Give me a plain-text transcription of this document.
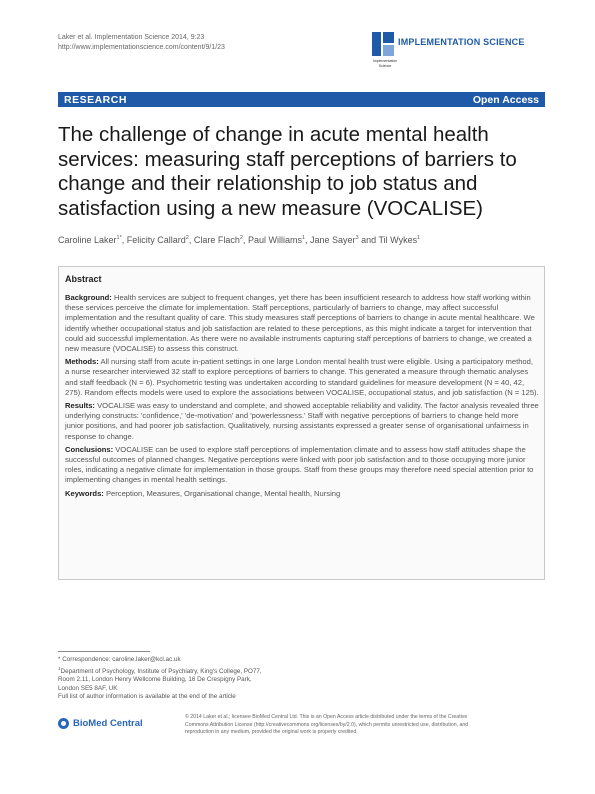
Laker et al. Implementation Science 2014, 9:23
http://www.implementationscience.com/content/9/1/23
IMPLEMENTATION SCIENCE
Implementation
Science
RESEARCH	Open Access
The challenge of change in acute mental health services: measuring staff perceptions of barriers to change and their relationship to job status and satisfaction using a new measure (VOCALISE)
Caroline Laker$^{1*}$, Felicity Callard$^2$, Clare Flach$^2$, Paul Williams$^1$, Jane Sayer$^3$ and Til Wykes$^1$
Abstract

Background: Health services are subject to frequent changes, yet there has been insufficient research to address how staff working within these services perceive the climate for implementation. Staff perceptions, particularly of barriers to change, may affect successful implementation and the resultant quality of care. This study measures staff perceptions of barriers to change in acute mental healthcare. We identify whether occupational status and job satisfaction are related to these perceptions, as this might indicate a target for intervention that could aid successful implementation. As there were no available instruments capturing staff perceptions of barriers to change, we created a new measure (VOCALISE) to assess this construct.

Methods: All nursing staff from acute in-patient settings in one large London mental health trust were eligible. Using a participatory method, a nurse researcher interviewed 32 staff to explore perceptions of barriers to change. This generated a measure through thematic analyses and staff feedback (N = 6). Psychometric testing was undertaken according to standard guidelines for measure development (N = 40, 42, 275). Random effects models were used to explore the associations between VOCALISE, occupational status, and job satisfaction (N = 125).

Results: VOCALISE was easy to understand and complete, and showed acceptable reliability and validity. The factor analysis revealed three underlying constructs: 'confidence,' 'de-motivation' and 'powerlessness.' Staff with negative perceptions of barriers to change held more junior positions, and had poorer job satisfaction. Qualitatively, nursing assistants expressed a greater sense of organisational unfairness in response to change.

Conclusions: VOCALISE can be used to explore staff perceptions of implementation climate and to assess how staff attitudes shape the successful outcomes of planned changes. Negative perceptions were linked with poor job satisfaction and to those occupying more junior roles, indicating a negative climate for implementation in those groups. Staff from these groups may therefore need special attention prior to implementing changes in mental health settings.

Keywords: Perception, Measures, Organisational change, Mental health, Nursing

* Correspondence: caroline.laker@kcl.ac.uk
$^1$Department of Psychology, Institute of Psychiatry, King's College, PO77,
Room 2.11, London Henry Wellcome Building, 16 De Crespigny Park,
London SE5 8AF, UK
Full list of author information is available at the end of the article
BioMed Central
© 2014 Laker et al.; licensee BioMed Central Ltd. This is an Open Access article distributed under the terms of the Creative
Commons Attribution License (http://creativecommons.org/licenses/by/2.0), which permits unrestricted use, distribution, and
reproduction in any medium, provided the original work is properly credited.
